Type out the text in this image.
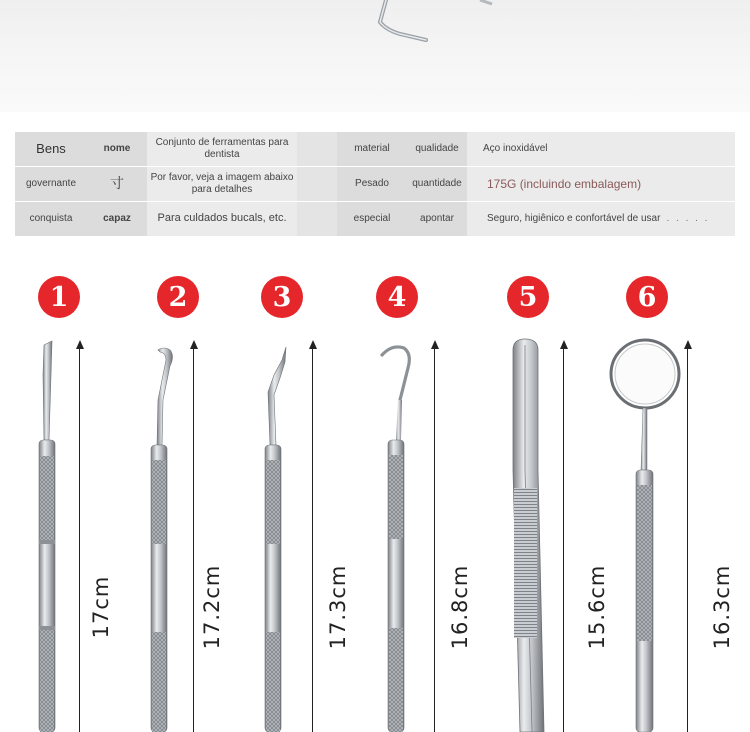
Bens	nome	Conjunto de ferramentas para dentista		material	qualidade	Aço inoxidável
governante	寸	Por favor, veja a imagem abaixo para detalhes		Pesado	quantidade	175G (incluindo embalagem)
conquista	capaz	Para culdados bucals, etc.		especial	apontar	Seguro, higiênico e confortável de usar . . . . .
1	2	3	4	5	6
17cm	17.2cm	17.3cm	16.8cm	15.6cm	16.3cm
